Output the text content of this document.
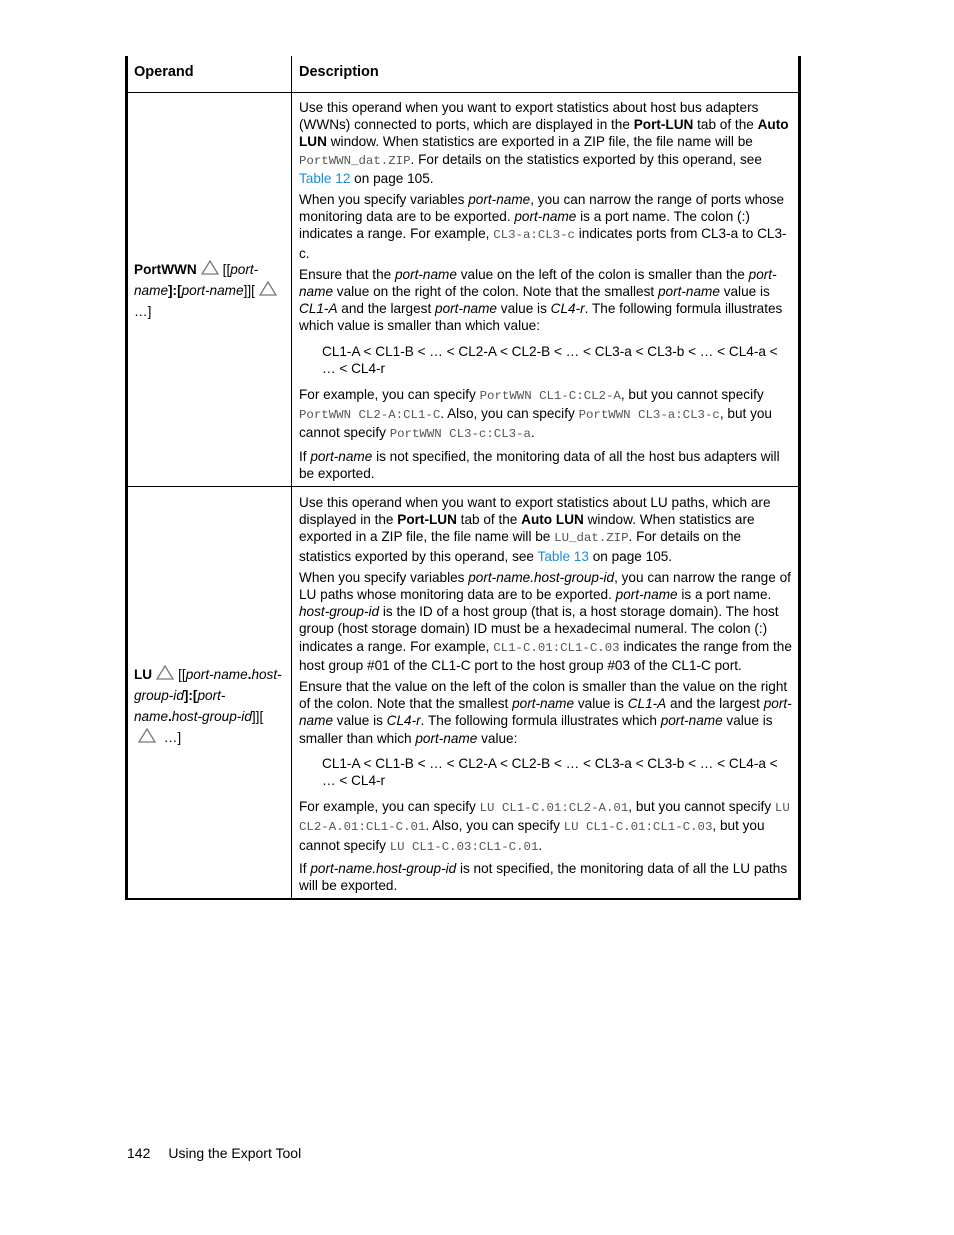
Operand	Description
PortWWN [[port-name]:[port-name]][ …]

Use this operand when you want to export statistics about host bus adapters (WWNs) connected to ports, which are displayed in the Port-LUN tab of the Auto LUN window. When statistics are exported in a ZIP file, the file name will be PortWWN_dat.ZIP. For details on the statistics exported by this operand, see Table 12 on page 105.

When you specify variables port-name, you can narrow the range of ports whose monitoring data are to be exported. port-name is a port name. The colon (:) indicates a range. For example, CL3-a:CL3-c indicates ports from CL3-a to CL3-c.

Ensure that the port-name value on the left of the colon is smaller than the port-name value on the right of the colon. Note that the smallest port-name value is CL1-A and the largest port-name value is CL4-r. The following formula illustrates which value is smaller than which value:

CL1-A < CL1-B < … < CL2-A < CL2-B < … < CL3-a < CL3-b < … < CL4-a < … < CL4-r

For example, you can specify PortWWN CL1-C:CL2-A, but you cannot specify PortWWN CL2-A:CL1-C. Also, you can specify PortWWN CL3-a:CL3-c, but you cannot specify PortWWN CL3-c:CL3-a.

If port-name is not specified, the monitoring data of all the host bus adapters will be exported.

LU [[port-name.host-group-id]:[port-name.host-group-id]][ …]

Use this operand when you want to export statistics about LU paths, which are displayed in the Port-LUN tab of the Auto LUN window. When statistics are exported in a ZIP file, the file name will be LU_dat.ZIP. For details on the statistics exported by this operand, see Table 13 on page 105.

When you specify variables port-name.host-group-id, you can narrow the range of LU paths whose monitoring data are to be exported. port-name is a port name. host-group-id is the ID of a host group (that is, a host storage domain). The host group (host storage domain) ID must be a hexadecimal numeral. The colon (:) indicates a range. For example, CL1-C.01:CL1-C.03 indicates the range from the host group #01 of the CL1-C port to the host group #03 of the CL1-C port.

Ensure that the value on the left of the colon is smaller than the value on the right of the colon. Note that the smallest port-name value is CL1-A and the largest port-name value is CL4-r. The following formula illustrates which port-name value is smaller than which port-name value:

CL1-A < CL1-B < … < CL2-A < CL2-B < … < CL3-a < CL3-b < … < CL4-a < … < CL4-r

For example, you can specify LU CL1-C.01:CL2-A.01, but you cannot specify LU CL2-A.01:CL1-C.01. Also, you can specify LU CL1-C.01:CL1-C.03, but you cannot specify LU CL1-C.03:CL1-C.01.

If port-name.host-group-id is not specified, the monitoring data of all the LU paths will be exported.

142 Using the Export Tool
